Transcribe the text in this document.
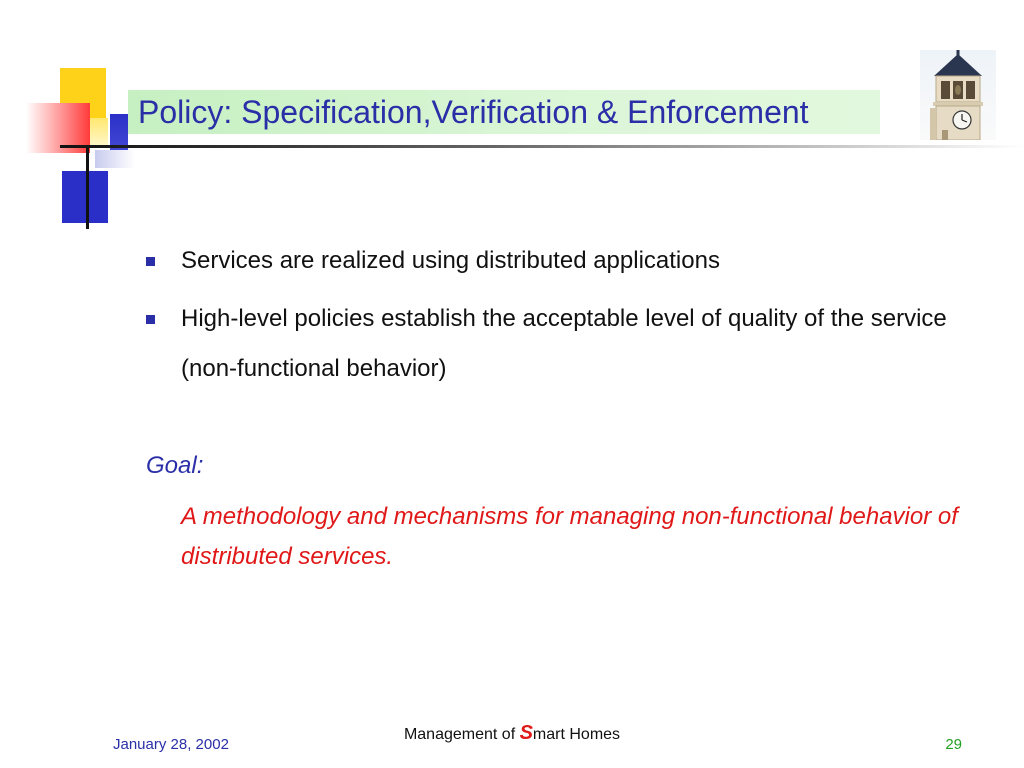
Policy: Specification,Verification & Enforcement
Services are realized using distributed applications
High-level policies establish the acceptable level of quality of the service (non-functional behavior)
Goal:
A methodology and mechanisms for managing non-functional behavior of distributed services.
Management of Smart Homes
January 28, 2002	29
